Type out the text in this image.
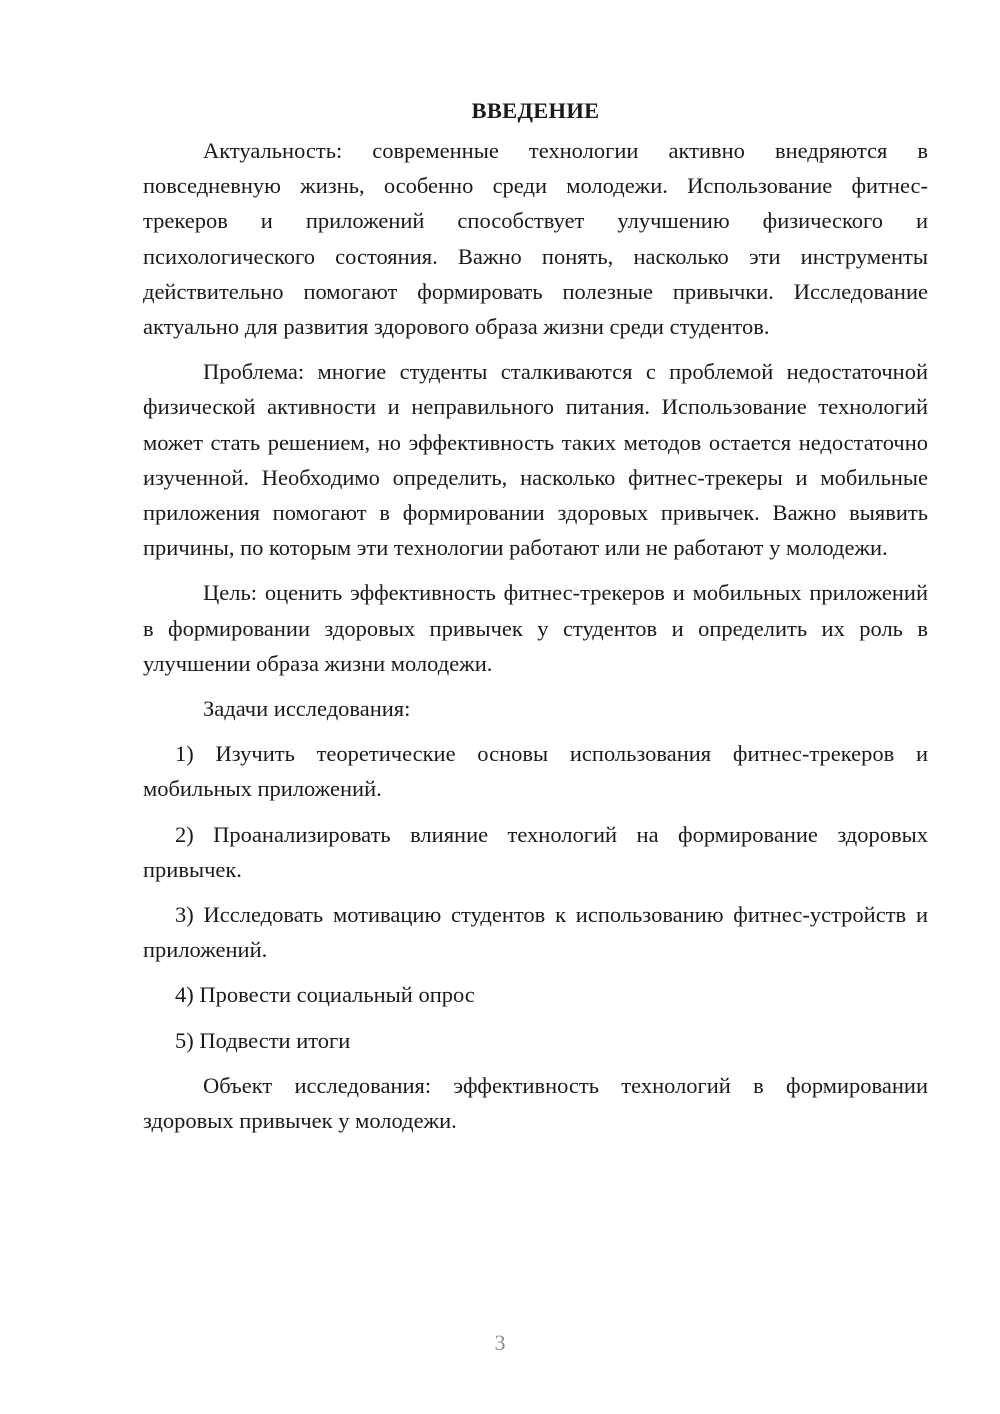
ВВЕДЕНИЕ

Актуальность: современные технологии активно внедряются в повседневную жизнь, особенно среди молодежи. Использование фитнес-трекеров и приложений способствует улучшению физического и психологического состояния. Важно понять, насколько эти инструменты действительно помогают формировать полезные привычки. Исследование актуально для развития здорового образа жизни среди студентов.

Проблема: многие студенты сталкиваются с проблемой недостаточной физической активности и неправильного питания. Использование технологий может стать решением, но эффективность таких методов остается недостаточно изученной. Необходимо определить, насколько фитнес-трекеры и мобильные приложения помогают в формировании здоровых привычек. Важно выявить причины, по которым эти технологии работают или не работают у молодежи.

Цель: оценить эффективность фитнес-трекеров и мобильных приложений в формировании здоровых привычек у студентов и определить их роль в улучшении образа жизни молодежи.

Задачи исследования:

1) Изучить теоретические основы использования фитнес-трекеров и мобильных приложений.

2) Проанализировать влияние технологий на формирование здоровых привычек.

3) Исследовать мотивацию студентов к использованию фитнес-устройств и приложений.

4) Провести социальный опрос

5) Подвести итоги

Объект исследования: эффективность технологий в формировании здоровых привычек у молодежи.

3
